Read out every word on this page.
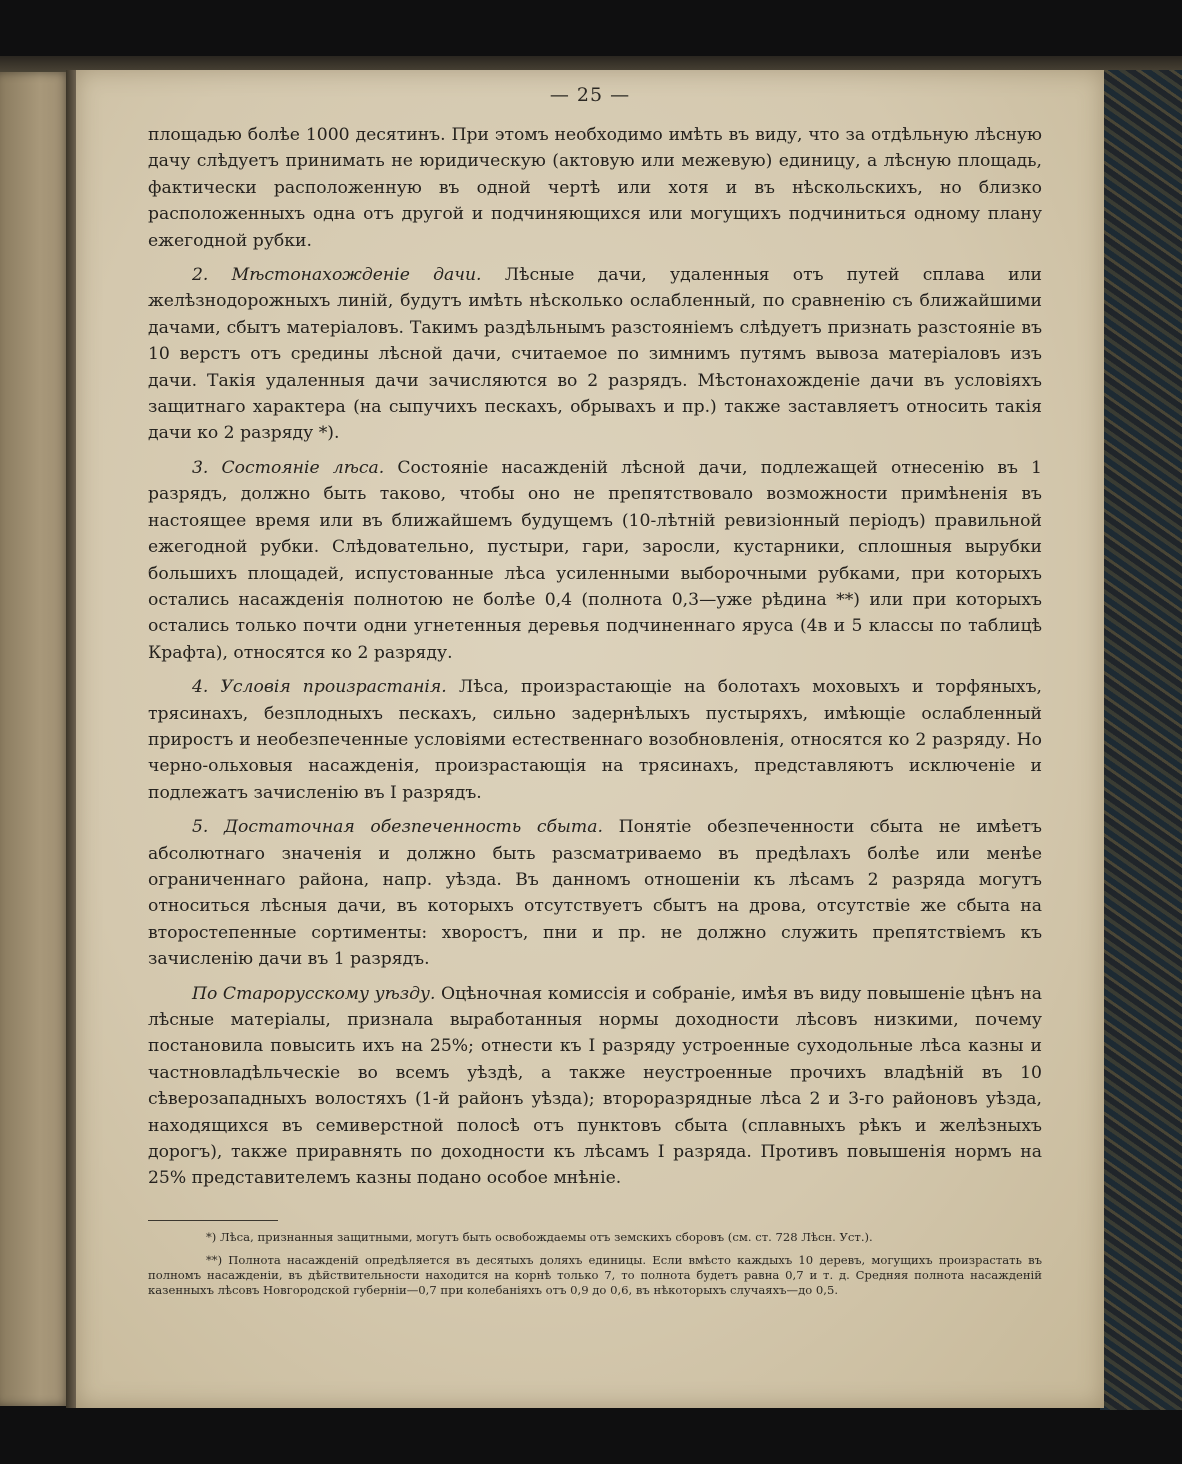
— 25 —

площадью болѣе 1000 десятинъ. При этомъ необходимо имѣть въ виду, что за отдѣльную лѣсную дачу слѣдуетъ принимать не юридическую (актовую или межевую) единицу, а лѣсную площадь, фактически расположенную въ одной чертѣ или хотя и въ нѣскольскихъ, но близко расположенныхъ одна отъ другой и подчиняющихся или могущихъ подчиниться одному плану ежегодной рубки.

2. Мѣстонахожденіе дачи. Лѣсные дачи, удаленныя отъ путей сплава или желѣзнодорожныхъ линій, будутъ имѣть нѣсколько ослабленный, по сравненію съ ближайшими дачами, сбытъ матеріаловъ. Такимъ раздѣльнымъ разстояніемъ слѣдуетъ признать разстояніе въ 10 верстъ отъ средины лѣсной дачи, считаемое по зимнимъ путямъ вывоза матеріаловъ изъ дачи. Такія удаленныя дачи зачисляются во 2 разрядъ. Мѣстонахожденіе дачи въ условіяхъ защитнаго характера (на сыпучихъ пескахъ, обрывахъ и пр.) также заставляетъ относить такія дачи ко 2 разряду *).

3. Состояніе лѣса. Состояніе насажденій лѣсной дачи, подлежащей отнесенію въ 1 разрядъ, должно быть таково, чтобы оно не препятствовало возможности примѣненія въ настоящее время или въ ближайшемъ будущемъ (10-лѣтній ревизіонный періодъ) правильной ежегодной рубки. Слѣдовательно, пустыри, гари, заросли, кустарники, сплошныя вырубки большихъ площадей, испустованные лѣса усиленными выборочными рубками, при которыхъ остались насажденія полнотою не болѣе 0,4 (полнота 0,3—уже рѣдина **) или при которыхъ остались только почти одни угнетенныя деревья подчиненнаго яруса (4в и 5 классы по таблицѣ Крафта), относятся ко 2 разряду.

4. Условія произрастанія. Лѣса, произрастающіе на болотахъ моховыхъ и торфяныхъ, трясинахъ, безплодныхъ пескахъ, сильно задернѣлыхъ пустыряхъ, имѣющіе ослабленный приростъ и необезпеченные условіями естественнаго возобновленія, относятся ко 2 разряду. Но черно-ольховыя насажденія, произрастающія на трясинахъ, представляютъ исключеніе и подлежатъ зачисленію въ I разрядъ.

5. Достаточная обезпеченность сбыта. Понятіе обезпеченности сбыта не имѣетъ абсолютнаго значенія и должно быть разсматриваемо въ предѣлахъ болѣе или менѣе ограниченнаго района, напр. уѣзда. Въ данномъ отношеніи къ лѣсамъ 2 разряда могутъ относиться лѣсныя дачи, въ которыхъ отсутствуетъ сбытъ на дрова, отсутствіе же сбыта на второстепенные сортименты: хворостъ, пни и пр. не должно служить препятствіемъ къ зачисленію дачи въ 1 разрядъ.

По Старорусскому уѣзду. Оцѣночная комиссія и собраніе, имѣя въ виду повышеніе цѣнъ на лѣсные матеріалы, признала выработанныя нормы доходности лѣсовъ низкими, почему постановила повысить ихъ на 25%; отнести къ I разряду устроенные суходольные лѣса казны и частновладѣльческіе во всемъ уѣздѣ, а также неустроенные прочихъ владѣній въ 10 сѣверозападныхъ волостяхъ (1-й районъ уѣзда); второразрядные лѣса 2 и 3-го районовъ уѣзда, находящихся въ семиверстной полосѣ отъ пунктовъ сбыта (сплавныхъ рѣкъ и желѣзныхъ дорогъ), также приравнять по доходности къ лѣсамъ I разряда. Противъ повышенія нормъ на 25% представителемъ казны подано особое мнѣніе.

*) Лѣса, признанныя защитными, могутъ быть освобождаемы отъ земскихъ сборовъ (см. ст. 728 Лѣсн. Уст.).

**) Полнота насажденій опредѣляется въ десятыхъ доляхъ единицы. Если вмѣсто каждыхъ 10 деревъ, могущихъ произрастать въ полномъ насажденіи, въ дѣйствительности находится на корнѣ только 7, то полнота будетъ равна 0,7 и т. д. Средняя полнота насажденій казенныхъ лѣсовъ Новгородской губерніи—0,7 при колебаніяхъ отъ 0,9 до 0,6, въ нѣкоторыхъ случаяхъ—до 0,5.
